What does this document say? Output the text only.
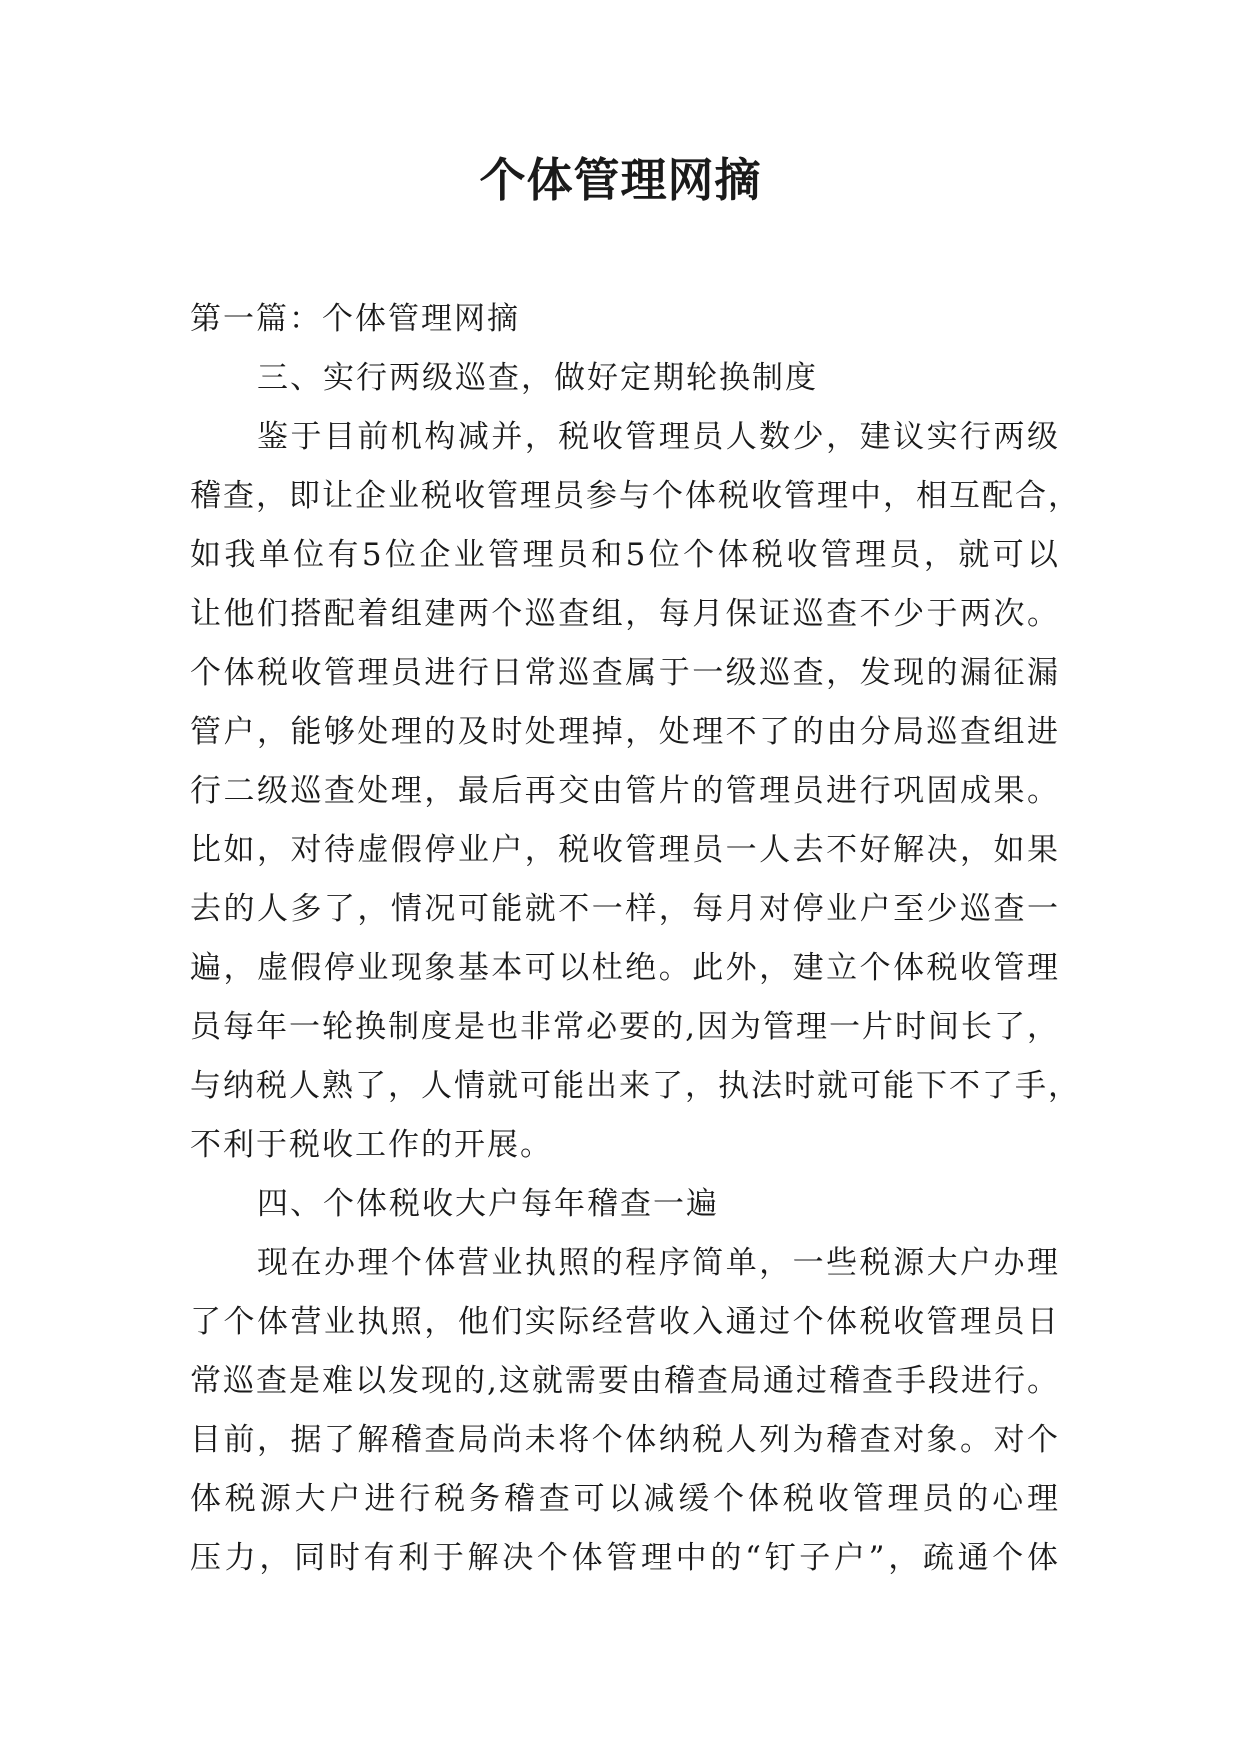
个体管理网摘
第一篇：个体管理网摘
三、实行两级巡查，做好定期轮换制度
鉴于目前机构减并，税收管理员人数少，建议实行两级
稽查，即让企业税收管理员参与个体税收管理中，相互配合，
如我单位有5位企业管理员和5位个体税收管理员，就可以
让他们搭配着组建两个巡查组，每月保证巡查不少于两次。
个体税收管理员进行日常巡查属于一级巡查，发现的漏征漏
管户，能够处理的及时处理掉，处理不了的由分局巡查组进
行二级巡查处理，最后再交由管片的管理员进行巩固成果。
比如，对待虚假停业户，税收管理员一人去不好解决，如果
去的人多了，情况可能就不一样，每月对停业户至少巡查一
遍，虚假停业现象基本可以杜绝。此外，建立个体税收管理
员每年一轮换制度是也非常必要的,因为管理一片时间长了，
与纳税人熟了，人情就可能出来了，执法时就可能下不了手，
不利于税收工作的开展。
四、个体税收大户每年稽查一遍
现在办理个体营业执照的程序简单，一些税源大户办理
了个体营业执照，他们实际经营收入通过个体税收管理员日
常巡查是难以发现的,这就需要由稽查局通过稽查手段进行。
目前，据了解稽查局尚未将个体纳税人列为稽查对象。对个
体税源大户进行税务稽查可以减缓个体税收管理员的心理
压力，同时有利于解决个体管理中的“钉子户”，疏通个体
